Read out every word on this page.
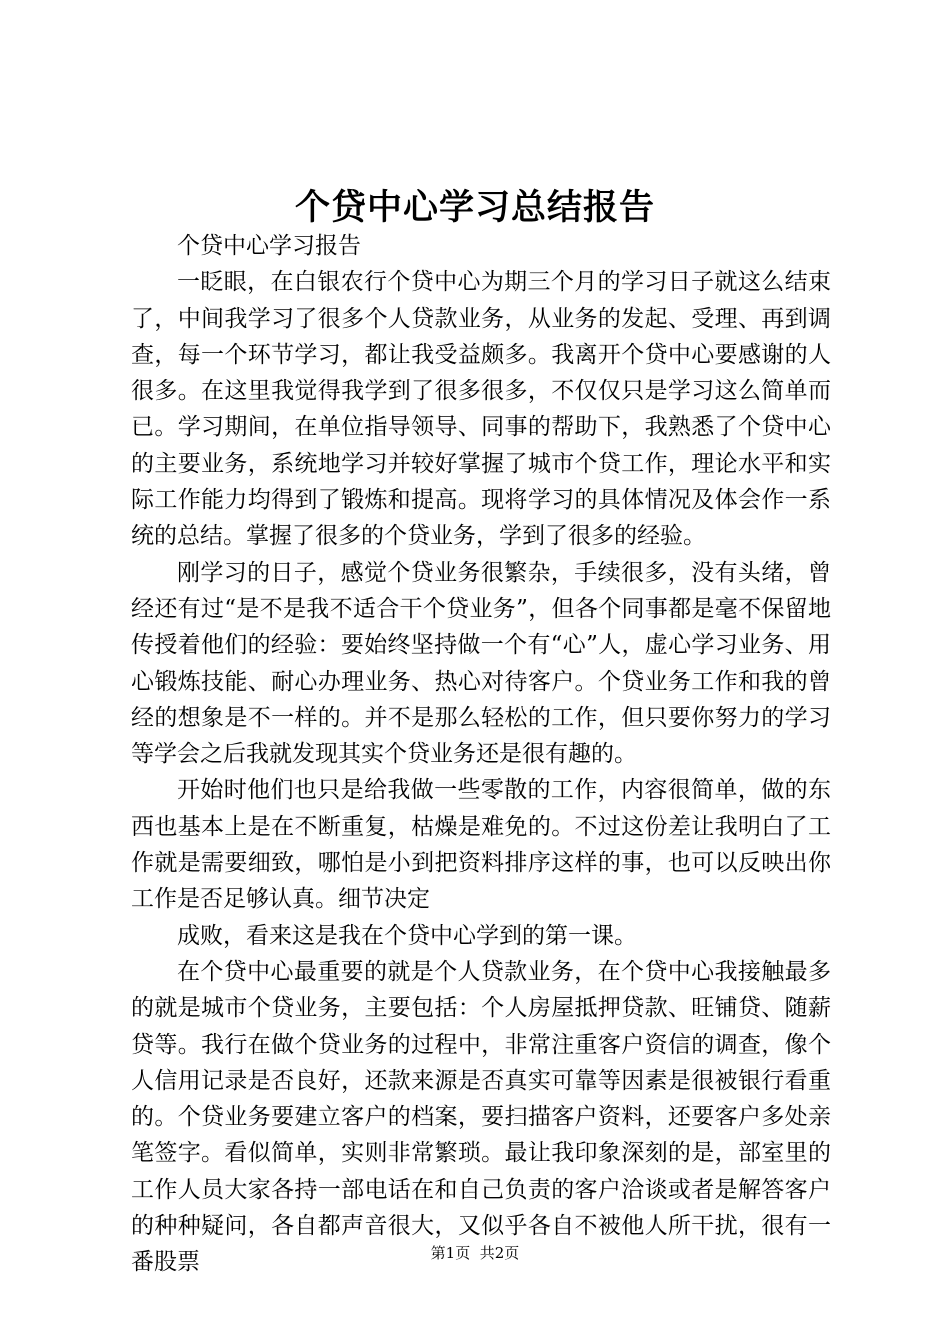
个贷中心学习总结报告

个贷中心学习报告

一眨眼，在白银农行个贷中心为期三个月的学习日子就这么结束了，中间我学习了很多个人贷款业务，从业务的发起、受理、再到调查，每一个环节学习，都让我受益颇多。我离开个贷中心要感谢的人很多。在这里我觉得我学到了很多很多，不仅仅只是学习这么简单而已。学习期间，在单位指导领导、同事的帮助下，我熟悉了个贷中心的主要业务，系统地学习并较好掌握了城市个贷工作，理论水平和实际工作能力均得到了锻炼和提高。现将学习的具体情况及体会作一系统的总结。掌握了很多的个贷业务，学到了很多的经验。

刚学习的日子，感觉个贷业务很繁杂，手续很多，没有头绪，曾经还有过“是不是我不适合干个贷业务”，但各个同事都是毫不保留地传授着他们的经验：要始终坚持做一个有“心”人，虚心学习业务、用心锻炼技能、耐心办理业务、热心对待客户。个贷业务工作和我的曾经的想象是不一样的。并不是那么轻松的工作，但只要你努力的学习等学会之后我就发现其实个贷业务还是很有趣的。

开始时他们也只是给我做一些零散的工作，内容很简单，做的东西也基本上是在不断重复，枯燥是难免的。不过这份差让我明白了工作就是需要细致，哪怕是小到把资料排序这样的事，也可以反映出你工作是否足够认真。细节决定

成败，看来这是我在个贷中心学到的第一课。

在个贷中心最重要的就是个人贷款业务，在个贷中心我接触最多的就是城市个贷业务，主要包括：个人房屋抵押贷款、旺铺贷、随薪贷等。我行在做个贷业务的过程中，非常注重客户资信的调查，像个人信用记录是否良好，还款来源是否真实可靠等因素是很被银行看重的。个贷业务要建立客户的档案，要扫描客户资料，还要客户多处亲笔签字。看似简单，实则非常繁琐。最让我印象深刻的是，部室里的工作人员大家各持一部电话在和自己负责的客户洽谈或者是解答客户的种种疑问，各自都声音很大，又似乎各自不被他人所干扰，很有一番股票	第1页 共2页
